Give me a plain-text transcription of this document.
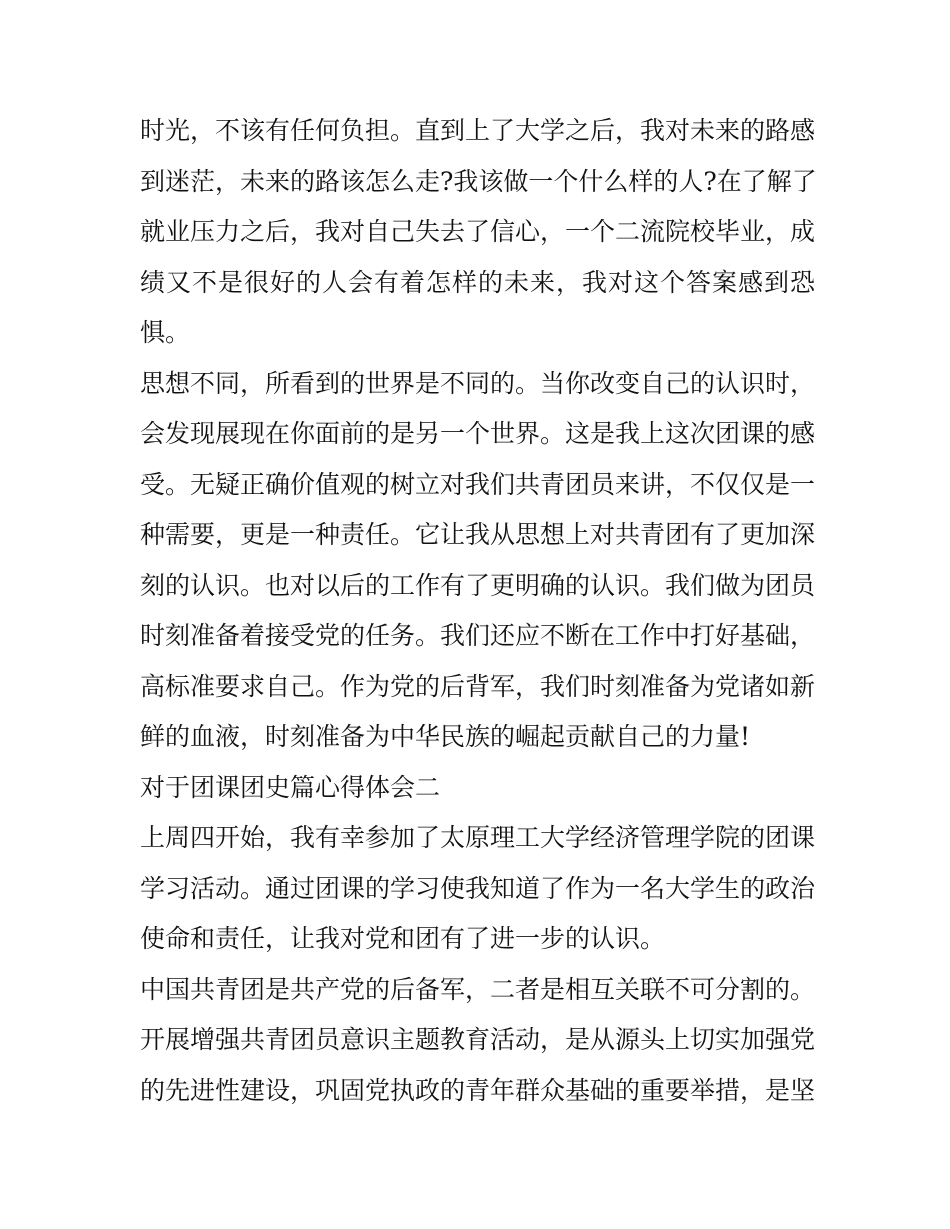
时光，不该有任何负担。直到上了大学之后，我对未来的路感
到迷茫，未来的路该怎么走?我该做一个什么样的人?在了解了
就业压力之后，我对自己失去了信心，一个二流院校毕业，成
绩又不是很好的人会有着怎样的未来，我对这个答案感到恐
惧。
思想不同，所看到的世界是不同的。当你改变自己的认识时，
会发现展现在你面前的是另一个世界。这是我上这次团课的感
受。无疑正确价值观的树立对我们共青团员来讲，不仅仅是一
种需要，更是一种责任。它让我从思想上对共青团有了更加深
刻的认识。也对以后的工作有了更明确的认识。我们做为团员
时刻准备着接受党的任务。我们还应不断在工作中打好基础，
高标准要求自己。作为党的后背军，我们时刻准备为党诸如新
鲜的血液，时刻准备为中华民族的崛起贡献自己的力量!
对于团课团史篇心得体会二
上周四开始，我有幸参加了太原理工大学经济管理学院的团课
学习活动。通过团课的学习使我知道了作为一名大学生的政治
使命和责任，让我对党和团有了进一步的认识。
中国共青团是共产党的后备军，二者是相互关联不可分割的。
开展增强共青团员意识主题教育活动，是从源头上切实加强党
的先进性建设，巩固党执政的青年群众基础的重要举措，是坚
